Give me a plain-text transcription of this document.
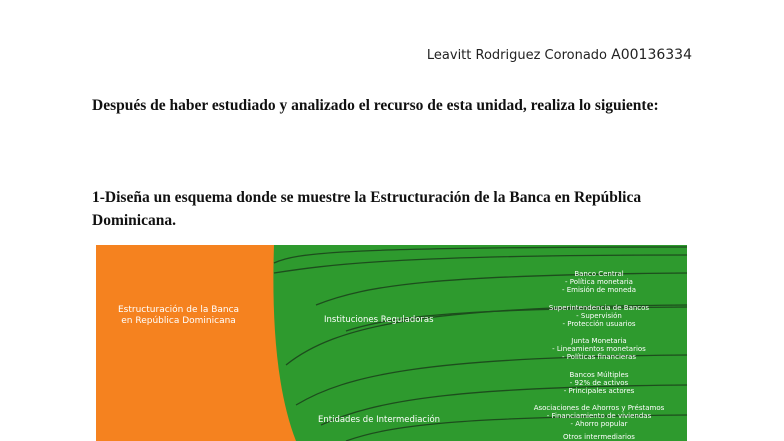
Leavitt Rodriguez Coronado A00136334

Después de haber estudiado y analizado el recurso de esta unidad, realiza lo siguiente:

1-Diseña un esquema donde se muestre la Estructuración de la Banca en República Dominicana.

Estructuración de la Banca
en República Dominicana	Instituciones Reguladoras
Entidades de Intermediación
Banco Central
- Política monetaria
- Emisión de moneda
Superintendencia de Bancos
- Supervisión
- Protección usuarios
Junta Monetaria
- Lineamientos monetarios
- Políticas financieras
Bancos Múltiples
- 92% de activos
- Principales actores
Asociaciones de Ahorros y Préstamos
- Financiamiento de viviendas
- Ahorro popular
Otros intermediarios
